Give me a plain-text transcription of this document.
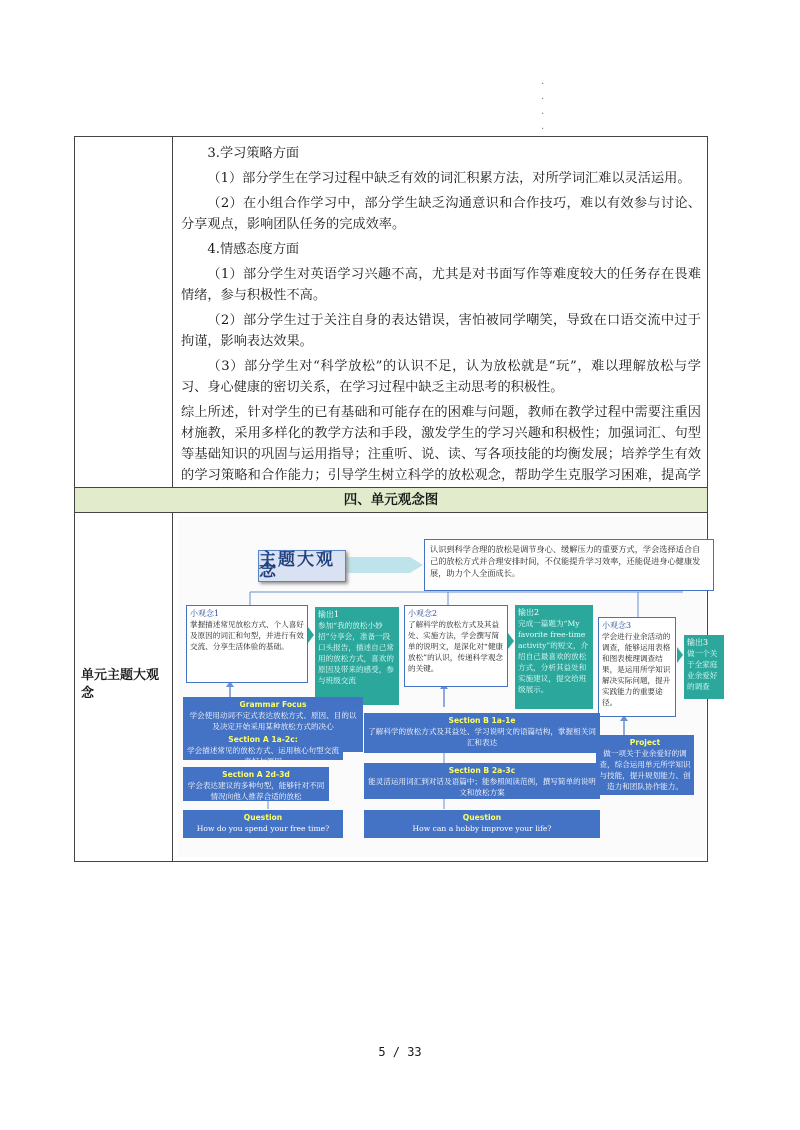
.
.
.
.

3.学习策略方面

（1）部分学生在学习过程中缺乏有效的词汇积累方法，对所学词汇难以灵活运用。

（2）在小组合作学习中，部分学生缺乏沟通意识和合作技巧，难以有效参与讨论、分享观点，影响团队任务的完成效率。

4.情感态度方面

（1）部分学生对英语学习兴趣不高，尤其是对书面写作等难度较大的任务存在畏难情绪，参与积极性不高。

（2）部分学生过于关注自身的表达错误，害怕被同学嘲笑，导致在口语交流中过于拘谨，影响表达效果。

（3）部分学生对“科学放松”的认识不足，认为放松就是“玩”，难以理解放松与学习、身心健康的密切关系，在学习过程中缺乏主动思考的积极性。

综上所述，针对学生的已有基础和可能存在的困难与问题，教师在教学过程中需要注重因材施教，采用多样化的教学方法和手段，激发学生的学习兴趣和积极性；加强词汇、句型等基础知识的巩固与运用指导；注重听、说、读、写各项技能的均衡发展；培养学生有效的学习策略和合作能力；引导学生树立科学的放松观念，帮助学生克服学习困难，提高学

四、单元观念图
单元主题大观念
主题大观念
认识到科学合理的放松是调节身心、缓解压力的重要方式，学会选择适合自己的放松方式并合理安排时间，不仅能提升学习效率，还能促进身心健康发展，助力个人全面成长。
小观念1
掌握描述常见放松方式、个人喜好及原因的词汇和句型，并进行有效交流、分享生活体验的基础。
输出1
参加“我的放松小妙招”分享会，准备一段口头报告，描述自己常用的放松方式，喜欢的原因及带来的感受，参与班级交流
小观念2
了解科学的放松方式及其益处、实施方法，学会撰写简单的说明文，是深化对“健康放松”的认识，传递科学观念的关键。
输出2
完成一篇题为“My favorite free-time activity”的短文，介绍自己最喜欢的放松方式，分析其益处和实施建议，提交给班级展示。
小观念3
学会进行业余活动的调查，能够运用表格和图表梳理调查结果，是运用所学知识解决实际问题，提升实践能力的重要途径。
输出3
做一个关于全家庭业余爱好的调查
Grammar Focus
学会使用动词不定式表达放松方式、原因、目的以及决定开始采用某种放松方式的决心
Section A 1a-2c:
学会描述常见的放松方式、运用核心句型交流喜好与原因
Section A 2d-3d
学会表达建议的多种句型，能够针对不同情况向他人推荐合适的放松
Question
How do you spend your free time?
Section B 1a-1e
了解科学的放松方式及其益处、学习说明文的语篇结构，掌握相关词汇和表达
Section B 2a-3c
能灵活运用词汇到对话及语篇中；能参照阅读范例，撰写简单的说明文和放松方案
Question
How can a hobby improve your life?
Project
做一项关于业余爱好的调查，综合运用单元所学知识与技能，提升规划能力、创造力和团队协作能力。
5 / 33
